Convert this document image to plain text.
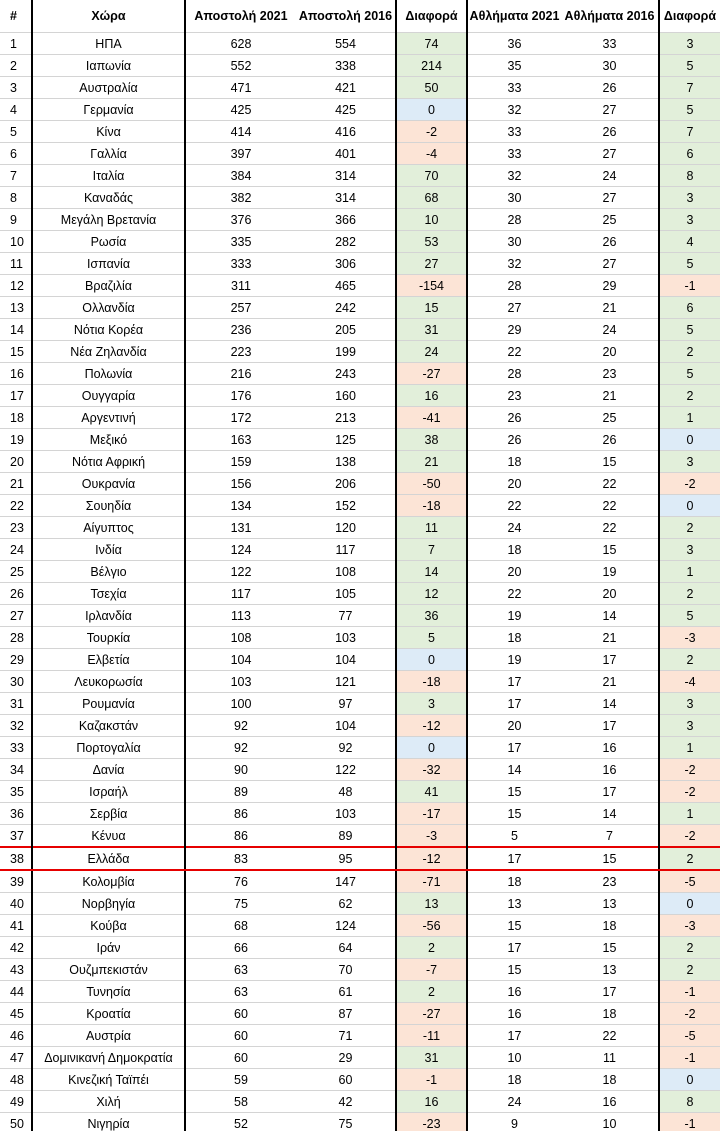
#	Χώρα	Αποστολή 2021	Αποστολή 2016	Διαφορά	Αθλήματα 2021	Αθλήματα 2016	Διαφορά
1	ΗΠΑ	628	554	74	36	33	3
2	Ιαπωνία	552	338	214	35	30	5
3	Αυστραλία	471	421	50	33	26	7
4	Γερμανία	425	425	0	32	27	5
5	Κίνα	414	416	-2	33	26	7
6	Γαλλία	397	401	-4	33	27	6
7	Ιταλία	384	314	70	32	24	8
8	Καναδάς	382	314	68	30	27	3
9	Μεγάλη Βρετανία	376	366	10	28	25	3
10	Ρωσία	335	282	53	30	26	4
11	Ισπανία	333	306	27	32	27	5
12	Βραζιλία	311	465	-154	28	29	-1
13	Ολλανδία	257	242	15	27	21	6
14	Νότια Κορέα	236	205	31	29	24	5
15	Νέα Ζηλανδία	223	199	24	22	20	2
16	Πολωνία	216	243	-27	28	23	5
17	Ουγγαρία	176	160	16	23	21	2
18	Αργεντινή	172	213	-41	26	25	1
19	Μεξικό	163	125	38	26	26	0
20	Νότια Αφρική	159	138	21	18	15	3
21	Ουκρανία	156	206	-50	20	22	-2
22	Σουηδία	134	152	-18	22	22	0
23	Αίγυπτος	131	120	11	24	22	2
24	Ινδία	124	117	7	18	15	3
25	Βέλγιο	122	108	14	20	19	1
26	Τσεχία	117	105	12	22	20	2
27	Ιρλανδία	113	77	36	19	14	5
28	Τουρκία	108	103	5	18	21	-3
29	Ελβετία	104	104	0	19	17	2
30	Λευκορωσία	103	121	-18	17	21	-4
31	Ρουμανία	100	97	3	17	14	3
32	Καζακστάν	92	104	-12	20	17	3
33	Πορτογαλία	92	92	0	17	16	1
34	Δανία	90	122	-32	14	16	-2
35	Ισραήλ	89	48	41	15	17	-2
36	Σερβία	86	103	-17	15	14	1
37	Κένυα	86	89	-3	5	7	-2
38	Ελλάδα	83	95	-12	17	15	2
39	Κολομβία	76	147	-71	18	23	-5
40	Νορβηγία	75	62	13	13	13	0
41	Κούβα	68	124	-56	15	18	-3
42	Ιράν	66	64	2	17	15	2
43	Ουζμπεκιστάν	63	70	-7	15	13	2
44	Τυνησία	63	61	2	16	17	-1
45	Κροατία	60	87	-27	16	18	-2
46	Αυστρία	60	71	-11	17	22	-5
47	Δομινικανή Δημοκρατία	60	29	31	10	11	-1
48	Κινεζική Ταϊπέι	59	60	-1	18	18	0
49	Χιλή	58	42	16	24	16	8
50	Νιγηρία	52	75	-23	9	10	-1
